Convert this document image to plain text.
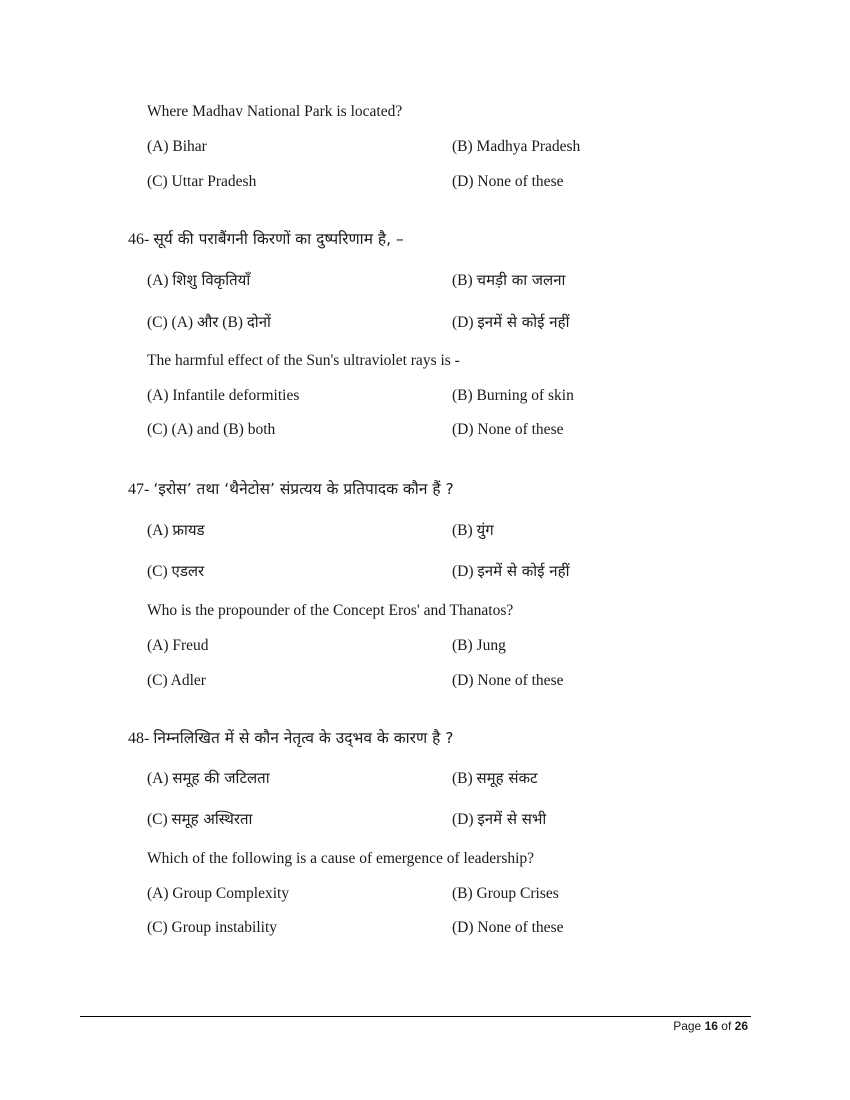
Where Madhav National Park is located?
(A) Bihar	(B) Madhya Pradesh
(C) Uttar Pradesh	(D) None of these
46- सूर्य की पराबैंगनी किरणों का दुष्परिणाम है, –
(A) शिशु विकृतियाँ	(B) चमड़ी का जलना
(C) (A) और (B) दोनों	(D) इनमें से कोई नहीं
The harmful effect of the Sun's ultraviolet rays is -
(A) Infantile deformities	(B) Burning of skin
(C) (A) and (B) both	(D) None of these
47- ‘इरोस’ तथा ‘थैनेटोस’ संप्रत्यय के प्रतिपादक कौन हैं ?
(A) फ्रायड	(B) युंग
(C) एडलर	(D) इनमें से कोई नहीं
Who is the propounder of the Concept Eros' and Thanatos?
(A) Freud	(B) Jung
(C) Adler	(D) None of these
48- निम्नलिखित में से कौन नेतृत्व के उद्‌भव के कारण है ?
(A) समूह की जटिलता	(B) समूह संकट
(C) समूह अस्थिरता	(D) इनमें से सभी
Which of the following is a cause of emergence of leadership?
(A) Group Complexity	(B) Group Crises
(C) Group instability	(D) None of these
Page 16 of 26
